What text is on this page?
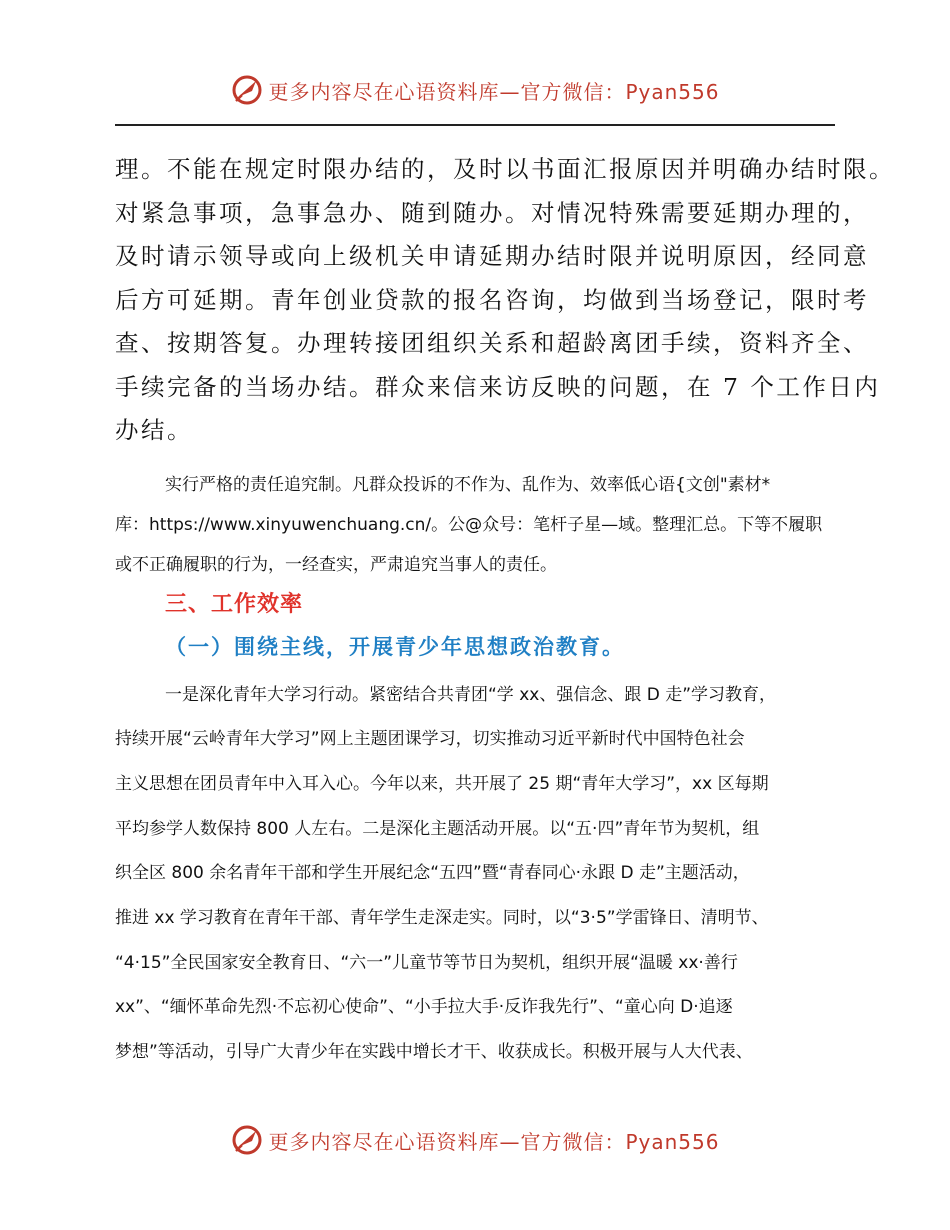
更多内容尽在心语资料库—官方微信：Pyan556

理。不能在规定时限办结的，及时以书面汇报原因并明确办结时限。
对紧急事项，急事急办、随到随办。对情况特殊需要延期办理的，
及时请示领导或向上级机关申请延期办结时限并说明原因，经同意
后方可延期。青年创业贷款的报名咨询，均做到当场登记，限时考
查、按期答复。办理转接团组织关系和超龄离团手续，资料齐全、
手续完备的当场办结。群众来信来访反映的问题，在 7 个工作日内
办结。

实行严格的责任追究制。凡群众投诉的不作为、乱作为、效率低心语{文创"素材*
库：https://www.xinyuwenchuang.cn/。公@众号：笔杆子星—域。整理汇总。下等不履职
或不正确履职的行为，一经查实，严肃追究当事人的责任。

三、工作效率
（一）围绕主线，开展青少年思想政治教育。

一是深化青年大学习行动。紧密结合共青团“学 xx、强信念、跟 D 走”学习教育，
持续开展“云岭青年大学习”网上主题团课学习，切实推动习近平新时代中国特色社会
主义思想在团员青年中入耳入心。今年以来，共开展了 25 期“青年大学习”，xx 区每期
平均参学人数保持 800 人左右。二是深化主题活动开展。以“五·四”青年节为契机，组
织全区 800 余名青年干部和学生开展纪念“五四”暨“青春同心·永跟 D 走”主题活动，
推进 xx 学习教育在青年干部、青年学生走深走实。同时，以“3·5”学雷锋日、清明节、
“4·15”全民国家安全教育日、“六一”儿童节等节日为契机，组织开展“温暖 xx·善行
xx”、“缅怀革命先烈·不忘初心使命”、“小手拉大手·反诈我先行”、“童心向 D·追逐
梦想”等活动，引导广大青少年在实践中增长才干、收获成长。积极开展与人大代表、

更多内容尽在心语资料库—官方微信：Pyan556
